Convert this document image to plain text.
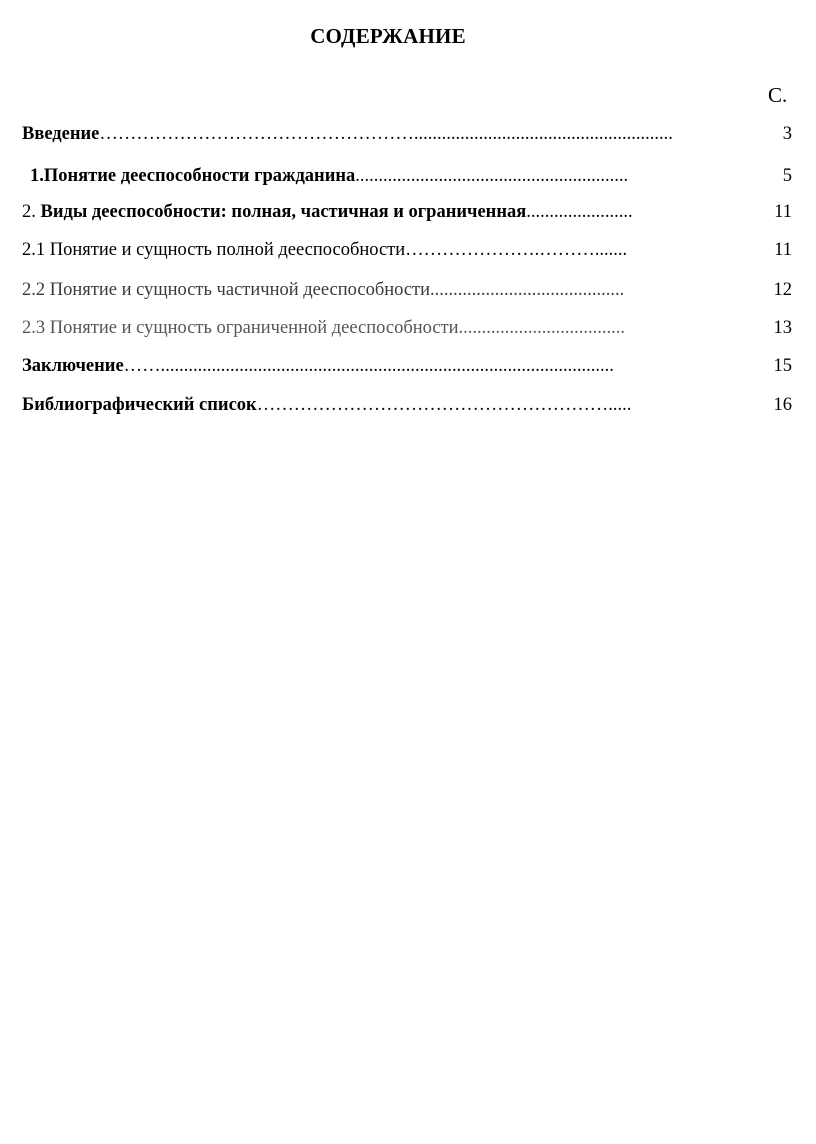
СОДЕРЖАНИЕ
С.
Введение……………………………………………........................................................	3
1.Понятие дееспособности гражданина...........................................................	5
2. Виды дееспособности: полная, частичная и ограниченная.......................	11
2.1 Понятие и сущность полной дееспособности………………….……….......	11
2.2 Понятие и сущность частичной дееспособности..........................................	12
2.3 Понятие и сущность ограниченной дееспособности....................................	13
Заключение……..................................................................................................	15
Библиографический список………………………………………………….....	16
